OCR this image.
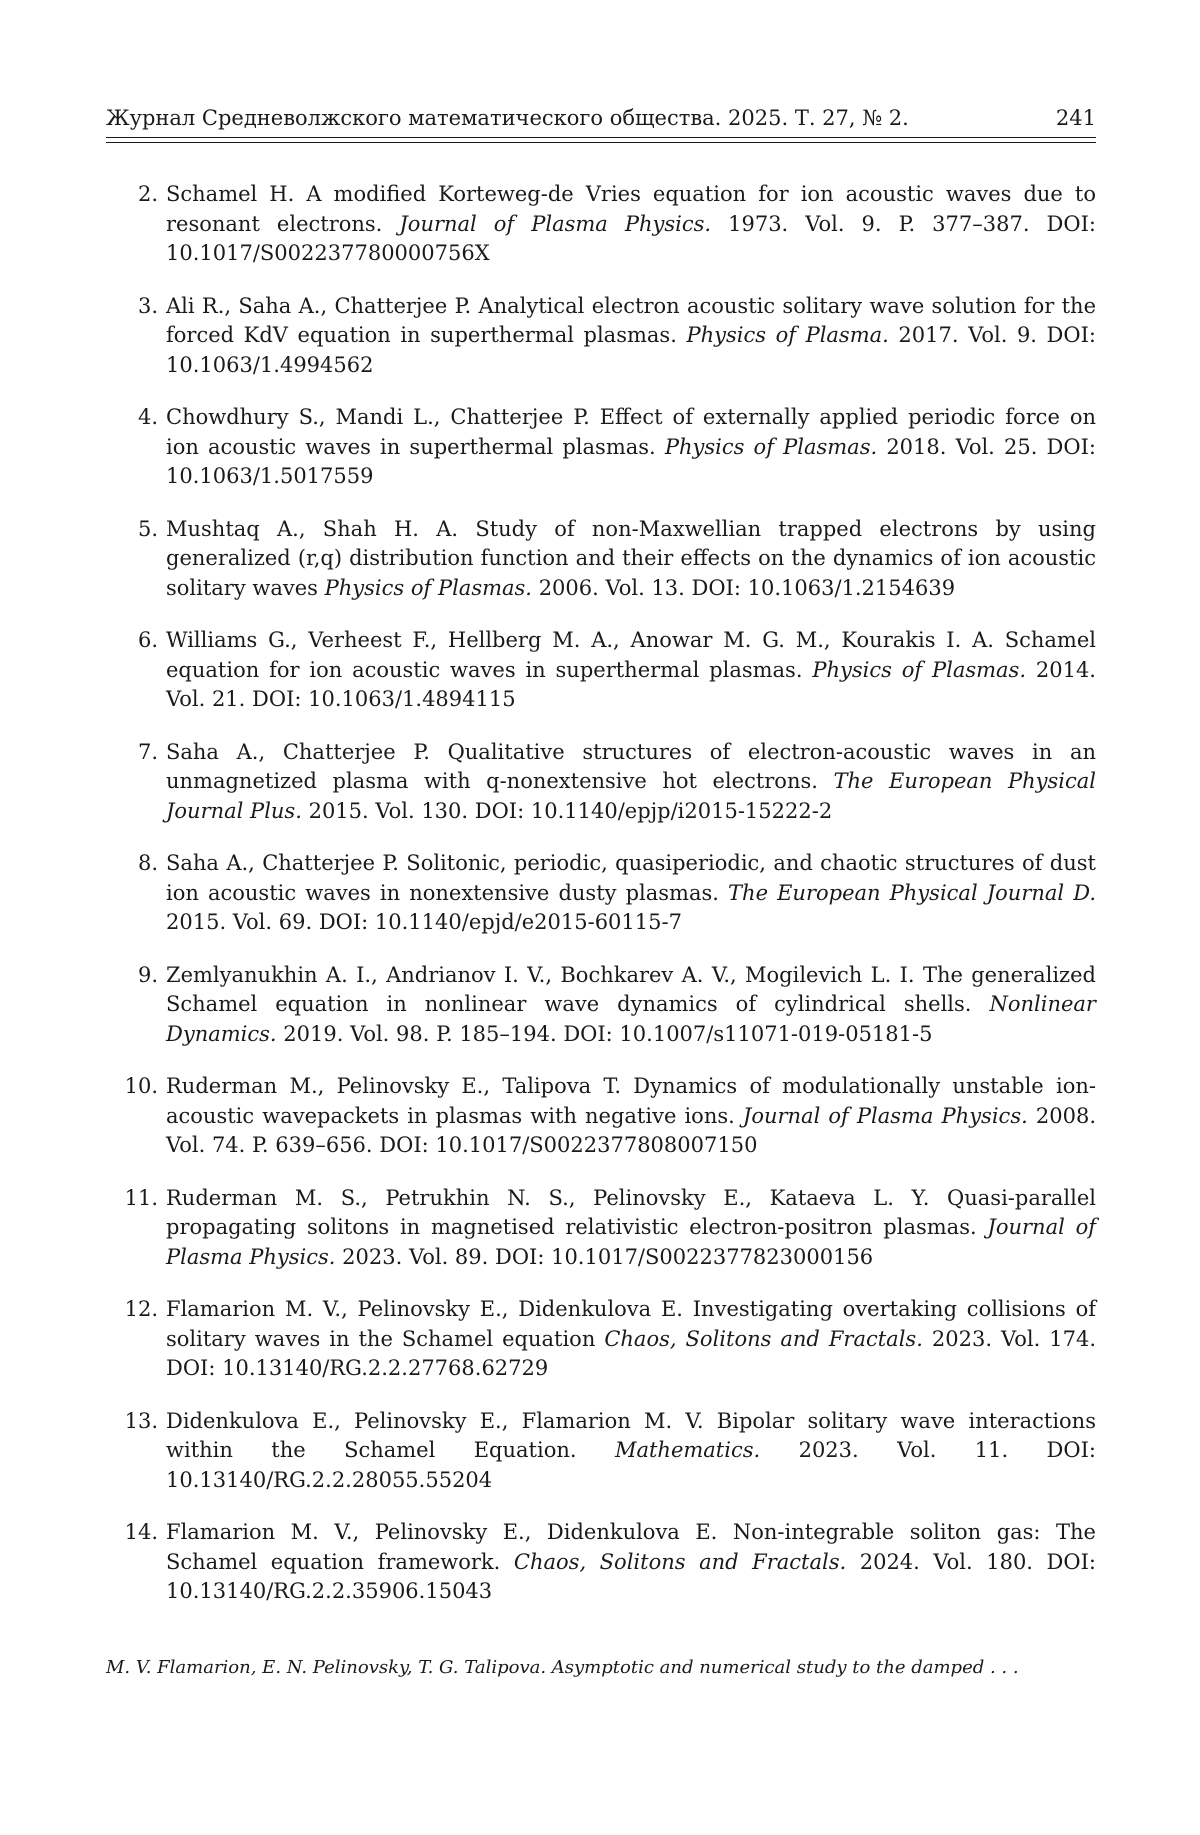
Журнал Средневолжского математического общества. 2025. Т. 27, № 2.	241
2. Schamel H. A modified Korteweg-de Vries equation for ion acoustic waves due to resonant electrons. Journal of Plasma Physics. 1973. Vol. 9. P. 377–387. DOI: 10.1017/S002237780000756X
3. Ali R., Saha A., Chatterjee P. Analytical electron acoustic solitary wave solution for the forced KdV equation in superthermal plasmas. Physics of Plasma. 2017. Vol. 9. DOI: 10.1063/1.4994562
4. Chowdhury S., Mandi L., Chatterjee P. Effect of externally applied periodic force on ion acoustic waves in superthermal plasmas. Physics of Plasmas. 2018. Vol. 25. DOI: 10.1063/1.5017559
5. Mushtaq A., Shah H. A. Study of non-Maxwellian trapped electrons by using generalized (r,q) distribution function and their effects on the dynamics of ion acoustic solitary waves Physics of Plasmas. 2006. Vol. 13. DOI: 10.1063/1.2154639
6. Williams G., Verheest F., Hellberg M. A., Anowar M. G. M., Kourakis I. A. Schamel equation for ion acoustic waves in superthermal plasmas. Physics of Plasmas. 2014. Vol. 21. DOI: 10.1063/1.4894115
7. Saha A., Chatterjee P. Qualitative structures of electron-acoustic waves in an unmagnetized plasma with q-nonextensive hot electrons. The European Physical Journal Plus. 2015. Vol. 130. DOI: 10.1140/epjp/i2015-15222-2
8. Saha A., Chatterjee P. Solitonic, periodic, quasiperiodic, and chaotic structures of dust ion acoustic waves in nonextensive dusty plasmas. The European Physical Journal D. 2015. Vol. 69. DOI: 10.1140/epjd/e2015-60115-7
9. Zemlyanukhin A. I., Andrianov I. V., Bochkarev A. V., Mogilevich L. I. The generalized Schamel equation in nonlinear wave dynamics of cylindrical shells. Nonlinear Dynamics. 2019. Vol. 98. P. 185–194. DOI: 10.1007/s11071-019-05181-5
10. Ruderman M., Pelinovsky E., Talipova T. Dynamics of modulationally unstable ion-acoustic wavepackets in plasmas with negative ions. Journal of Plasma Physics. 2008. Vol. 74. P. 639–656. DOI: 10.1017/S0022377808007150
11. Ruderman M. S., Petrukhin N. S., Pelinovsky E., Kataeva L. Y. Quasi-parallel propagating solitons in magnetised relativistic electron-positron plasmas. Journal of Plasma Physics. 2023. Vol. 89. DOI: 10.1017/S0022377823000156
12. Flamarion M. V., Pelinovsky E., Didenkulova E. Investigating overtaking collisions of solitary waves in the Schamel equation Chaos, Solitons and Fractals. 2023. Vol. 174. DOI: 10.13140/RG.2.2.27768.62729
13. Didenkulova E., Pelinovsky E., Flamarion M. V. Bipolar solitary wave interactions within the Schamel Equation. Mathematics. 2023. Vol. 11. DOI: 10.13140/RG.2.2.28055.55204
14. Flamarion M. V., Pelinovsky E., Didenkulova E. Non-integrable soliton gas: The Schamel equation framework. Chaos, Solitons and Fractals. 2024. Vol. 180. DOI: 10.13140/RG.2.2.35906.15043
M. V. Flamarion, E. N. Pelinovsky, T. G. Talipova. Asymptotic and numerical study to the damped . . .
